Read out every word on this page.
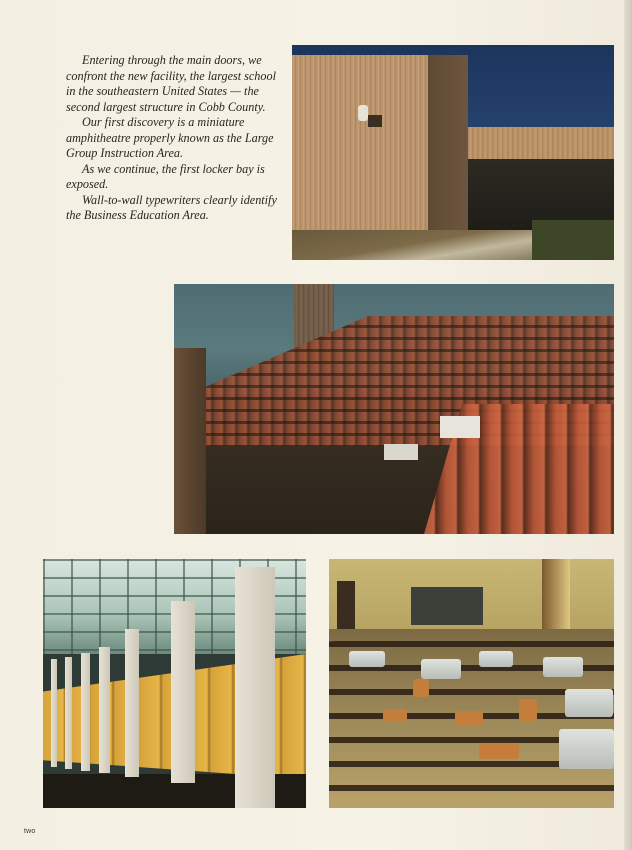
Entering through the main doors, we confront the new facility, the largest school in the southeastern United States — the second largest structure in Cobb County.

Our first discovery is a miniature amphitheatre properly known as the Large Group Instruction Area.

As we continue, the first locker bay is exposed.

Wall-to-wall typewriters clearly identify the Business Education Area.

two
